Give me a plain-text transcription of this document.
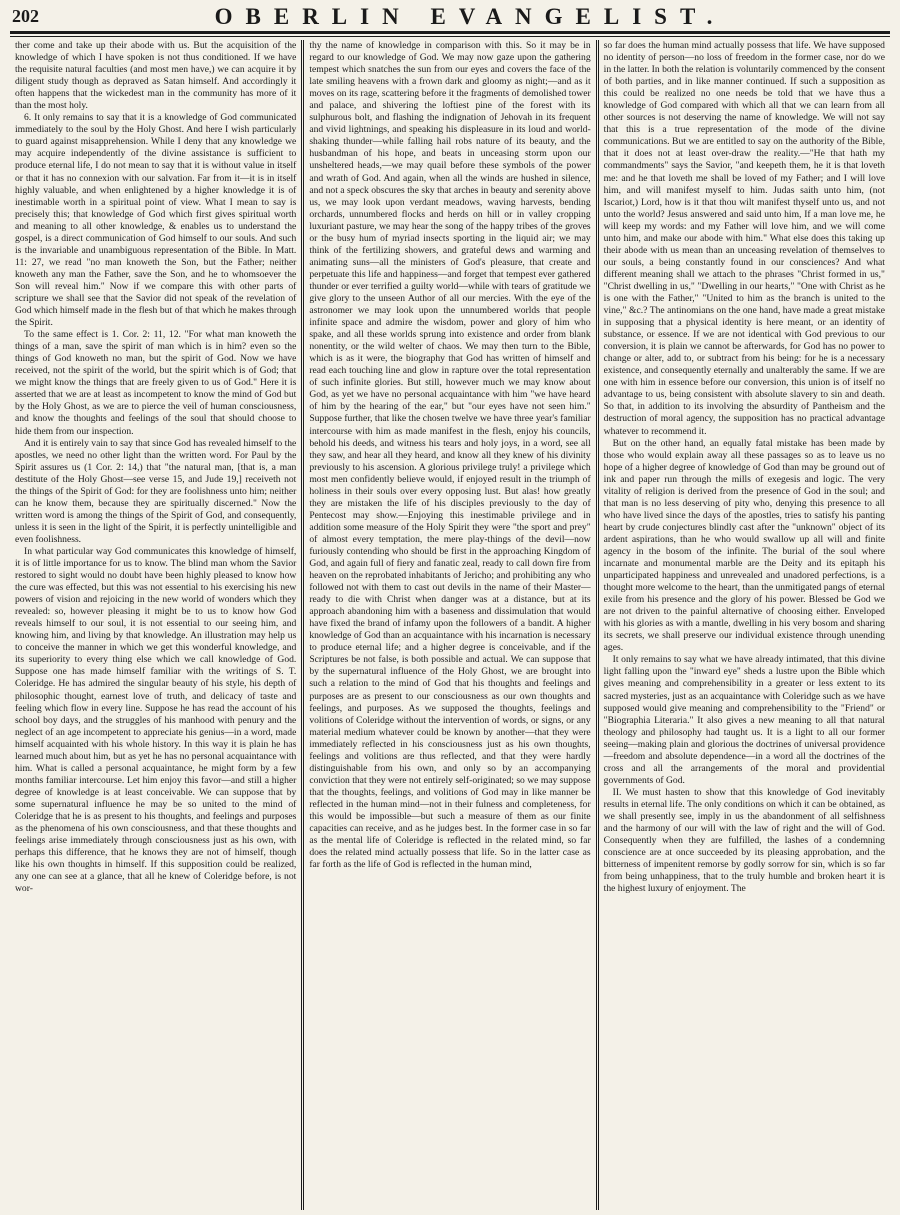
202	OBERLIN EVANGELIST.

ther come and take up their abode with us. But the acquisition of the knowledge of which I have spoken is not thus conditioned. If we have the requisite natural faculties (and most men have,) we can acquire it by diligent study though as depraved as Satan himself. And accordingly it often happens that the wickedest man in the community has more of it than the most holy.

6. It only remains to say that it is a knowledge of God communicated immediately to the soul by the Holy Ghost. And here I wish particularly to guard against misapprehension. While I deny that any knowledge we may acquire independently of the divine assistance is sufficient to produce eternal life, I do not mean to say that it is without value in itself or that it has no connexion with our salvation. Far from it—it is in itself highly valuable, and when enlightened by a higher knowledge it is of inestimable worth in a spiritual point of view. What I mean to say is precisely this; that knowledge of God which first gives spiritual worth and meaning to all other knowledge, & enables us to understand the gospel, is a direct communication of God himself to our souls. And such is the invariable and unambiguous representation of the Bible. In Matt. 11: 27, we read "no man knoweth the Son, but the Father; neither knoweth any man the Father, save the Son, and he to whomsoever the Son will reveal him." Now if we compare this with other parts of scripture we shall see that the Savior did not speak of the revelation of God which himself made in the flesh but of that which he makes through the Spirit.

To the same effect is 1. Cor. 2: 11, 12. "For what man knoweth the things of a man, save the spirit of man which is in him? even so the things of God knoweth no man, but the spirit of God. Now we have received, not the spirit of the world, but the spirit which is of God; that we might know the things that are freely given to us of God." Here it is asserted that we are at least as incompetent to know the mind of God but by the Holy Ghost, as we are to pierce the veil of human consciousness, and know the thoughts and feelings of the soul that should choose to hide them from our inspection.

And it is entirely vain to say that since God has revealed himself to the apostles, we need no other light than the written word. For Paul by the Spirit assures us (1 Cor. 2: 14,) that "the natural man, [that is, a man destitute of the Holy Ghost—see verse 15, and Jude 19,] receiveth not the things of the Spirit of God: for they are foolishness unto him; neither can he know them, because they are spiritually discerned." Now the written word is among the things of the Spirit of God, and consequently, unless it is seen in the light of the Spirit, it is perfectly unintelligible and even foolishness.

In what particular way God communicates this knowledge of himself, it is of little importance for us to know. The blind man whom the Savior restored to sight would no doubt have been highly pleased to know how the cure was effected, but this was not essential to his exercising his new powers of vision and rejoicing in the new world of wonders which they revealed: so, however pleasing it might be to us to know how God reveals himself to our soul, it is not essential to our seeing him, and knowing him, and living by that knowledge. An illustration may help us to conceive the manner in which we get this wonderful knowledge, and its superiority to every thing else which we call knowledge of God. Suppose one has made himself familiar with the writings of S. T. Coleridge. He has admired the singular beauty of his style, his depth of philosophic thought, earnest love of truth, and delicacy of taste and feeling which flow in every line. Suppose he has read the account of his school boy days, and the struggles of his manhood with penury and the neglect of an age incompetent to appreciate his genius—in a word, made himself acquainted with his whole history. In this way it is plain he has learned much about him, but as yet he has no personal acquaintance with him. What is called a personal acquaintance, he might form by a few months familiar intercourse. Let him enjoy this favor—and still a higher degree of knowledge is at least conceivable. We can suppose that by some supernatural influence he may be so united to the mind of Coleridge that he is as present to his thoughts, and feelings and purposes as the phenomena of his own consciousness, and that these thoughts and feelings arise immediately through consciousness just as his own, with perhaps this difference, that he knows they are not of himself, though like his own thoughts in himself. If this supposition could be realized, any one can see at a glance, that all he knew of Coleridge before, is not wor-

thy the name of knowledge in comparison with this. So it may be in regard to our knowledge of God. We may now gaze upon the gathering tempest which snatches the sun from our eyes and covers the face of the late smiling heavens with a frown dark and gloomy as night;—and as it moves on its rage, scattering before it the fragments of demolished tower and palace, and shivering the loftiest pine of the forest with its sulphurous bolt, and flashing the indignation of Jehovah in its frequent and vivid lightnings, and speaking his displeasure in its loud and world-shaking thunder—while falling hail robs nature of its beauty, and the husbandman of his hope, and beats in unceasing storm upon our unsheltered heads,—we may quail before these symbols of the power and wrath of God. And again, when all the winds are hushed in silence, and not a speck obscures the sky that arches in beauty and serenity above us, we may look upon verdant meadows, waving harvests, bending orchards, unnumbered flocks and herds on hill or in valley cropping luxuriant pasture, we may hear the song of the happy tribes of the groves or the busy hum of myriad insects sporting in the liquid air; we may think of the fertilizing showers, and grateful dews and warming and animating suns—all the ministers of God's pleasure, that create and perpetuate this life and happiness—and forget that tempest ever gathered thunder or ever terrified a guilty world—while with tears of gratitude we give glory to the unseen Author of all our mercies. With the eye of the astronomer we may look upon the unnumbered worlds that people infinite space and admire the wisdom, power and glory of him who spake, and all these worlds sprung into existence and order from blank nonentity, or the wild welter of chaos. We may then turn to the Bible, which is as it were, the biography that God has written of himself and read each touching line and glow in rapture over the total representation of such infinite glories. But still, however much we may know about God, as yet we have no personal acquaintance with him "we have heard of him by the hearing of the ear," but "our eyes have not seen him." Suppose further, that like the chosen twelve we have three year's familiar intercourse with him as made manifest in the flesh, enjoy his councils, behold his deeds, and witness his tears and holy joys, in a word, see all they saw, and hear all they heard, and know all they knew of his divinity previously to his ascension. A glorious privilege truly! a privilege which most men confidently believe would, if enjoyed result in the triumph of holiness in their souls over every opposing lust. But alas! how greatly they are mistaken the life of his disciples previously to the day of Pentecost may show.—Enjoying this inestimable privilege and in addition some measure of the Holy Spirit they were "the sport and prey" of almost every temptation, the mere play-things of the devil—now furiously contending who should be first in the approaching Kingdom of God, and again full of fiery and fanatic zeal, ready to call down fire from heaven on the reprobated inhabitants of Jericho; and prohibiting any who followed not with them to cast out devils in the name of their Master—ready to die with Christ when danger was at a distance, but at its approach abandoning him with a baseness and dissimulation that would have fixed the brand of infamy upon the followers of a bandit. A higher knowledge of God than an acquaintance with his incarnation is necessary to produce eternal life; and a higher degree is conceivable, and if the Scriptures be not false, is both possible and actual. We can suppose that by the supernatural influence of the Holy Ghost, we are brought into such a relation to the mind of God that his thoughts and feelings and purposes are as present to our consciousness as our own thoughts and feelings, and purposes. As we supposed the thoughts, feelings and volitions of Coleridge without the intervention of words, or signs, or any material medium whatever could be known by another—that they were immediately reflected in his consciousness just as his own thoughts, feelings and volitions are thus reflected, and that they were hardly distinguishable from his own, and only so by an accompanying conviction that they were not entirely self-originated; so we may suppose that the thoughts, feelings, and volitions of God may in like manner be reflected in the human mind—not in their fulness and completeness, for this would be impossible—but such a measure of them as our finite capacities can receive, and as he judges best. In the former case in so far as the mental life of Coleridge is reflected in the related mind, so far does the related mind actually possess that life. So in the latter case as far forth as the life of God is reflected in the human mind,

so far does the human mind actually possess that life. We have supposed no identity of person—no loss of freedom in the former case, nor do we in the latter. In both the relation is voluntarily commenced by the consent of both parties, and in like manner continued. If such a supposition as this could be realized no one needs be told that we have thus a knowledge of God compared with which all that we can learn from all other sources is not deserving the name of knowledge. We will not say that this is a true representation of the mode of the divine communications. But we are entitled to say on the authority of the Bible, that it does not at least over-draw the reality.—"He that hath my commandments" says the Savior, "and keepeth them, he it is that loveth me: and he that loveth me shall be loved of my Father; and I will love him, and will manifest myself to him. Judas saith unto him, (not Iscariot,) Lord, how is it that thou wilt manifest thyself unto us, and not unto the world? Jesus answered and said unto him, If a man love me, he will keep my words: and my Father will love him, and we will come unto him, and make our abode with him." What else does this taking up their abode with us mean than an unceasing revelation of themselves to our souls, a being constantly found in our consciences? And what different meaning shall we attach to the phrases "Christ formed in us," "Christ dwelling in us," "Dwelling in our hearts," "One with Christ as he is one with the Father," "United to him as the branch is united to the vine," &c.? The antinomians on the one hand, have made a great mistake in supposing that a physical identity is here meant, or an identity of substance, or essence. If we are not identical with God previous to our conversion, it is plain we cannot be afterwards, for God has no power to change or alter, add to, or subtract from his being: for he is a necessary existence, and consequently eternally and unalterably the same. If we are one with him in essence before our conversion, this union is of itself no advantage to us, being consistent with absolute slavery to sin and death. So that, in addition to its involving the absurdity of Pantheism and the destruction of moral agency, the supposition has no practical advantage whatever to recommend it.

But on the other hand, an equally fatal mistake has been made by those who would explain away all these passages so as to leave us no hope of a higher degree of knowledge of God than may be ground out of ink and paper run through the mills of exegesis and logic. The very vitality of religion is derived from the presence of God in the soul; and that man is no less deserving of pity who, denying this presence to all who have lived since the days of the apostles, tries to satisfy his panting heart by crude conjectures blindly cast after the "unknown" object of its ardent aspirations, than he who would swallow up all will and finite agency in the bosom of the infinite. The burial of the soul where incarnate and monumental marble are the Deity and its epitaph his unparticipated happiness and unrevealed and unadored perfections, is a thought more welcome to the heart, than the unmitigated pangs of eternal exile from his presence and the glory of his power. Blessed be God we are not driven to the painful alternative of choosing either. Enveloped with his glories as with a mantle, dwelling in his very bosom and sharing its secrets, we shall preserve our individual existence through unending ages.

It only remains to say what we have already intimated, that this divine light falling upon the "inward eye" sheds a lustre upon the Bible which gives meaning and comprehensibility in a greater or less extent to its sacred mysteries, just as an acquaintance with Coleridge such as we have supposed would give meaning and comprehensibility to the "Friend" or "Biographia Literaria." It also gives a new meaning to all that natural theology and philosophy had taught us. It is a light to all our former seeing—making plain and glorious the doctrines of universal providence—freedom and absolute dependence—in a word all the doctrines of the cross and all the arrangements of the moral and providential governments of God.

II. We must hasten to show that this knowledge of God inevitably results in eternal life. The only conditions on which it can be obtained, as we shall presently see, imply in us the abandonment of all selfishness and the harmony of our will with the law of right and the will of God. Consequently when they are fulfilled, the lashes of a condemning conscience are at once succeeded by its pleasing approbation, and the bitterness of impenitent remorse by godly sorrow for sin, which is so far from being unhappiness, that to the truly humble and broken heart it is the highest luxury of enjoyment. The
